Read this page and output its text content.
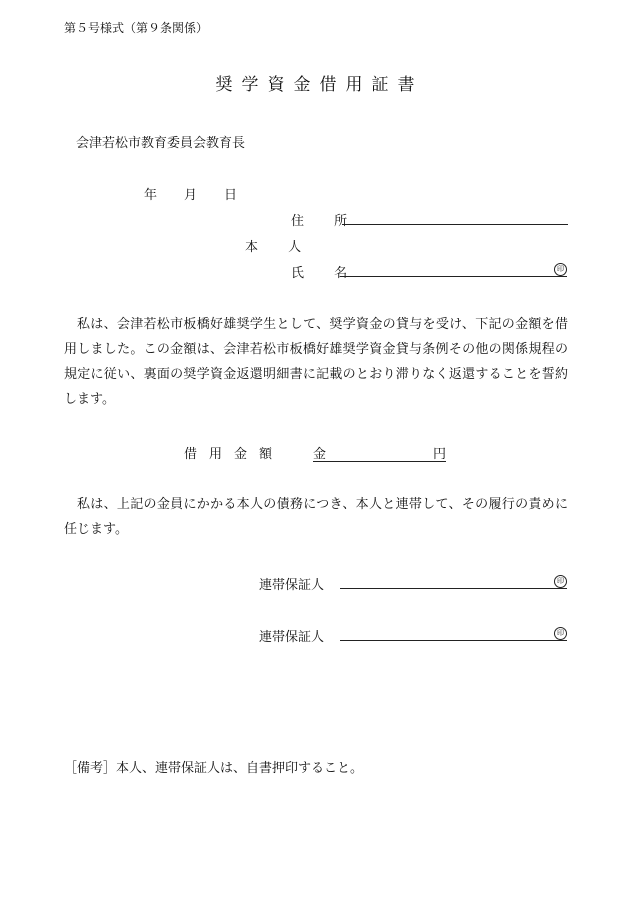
第５号様式（第９条関係）
奨学資金借用証書
会津若松市教育委員会教育長
年 月 日
住 所
本 人
氏 名	印

私は、会津若松市板橋好雄奨学生として、奨学資金の貸与を受け、下記の金額を借用しました。この金額は、会津若松市板橋好雄奨学資金貸与条例その他の関係規程の規定に従い、裏面の奨学資金返還明細書に記載のとおり滞りなく返還することを誓約します。

借用金額 金	円

私は、上記の金員にかかる本人の債務につき、本人と連帯して、その履行の責めに任じます。

連帯保証人	印
連帯保証人	印
［備考］本人、連帯保証人は、自書押印すること。
